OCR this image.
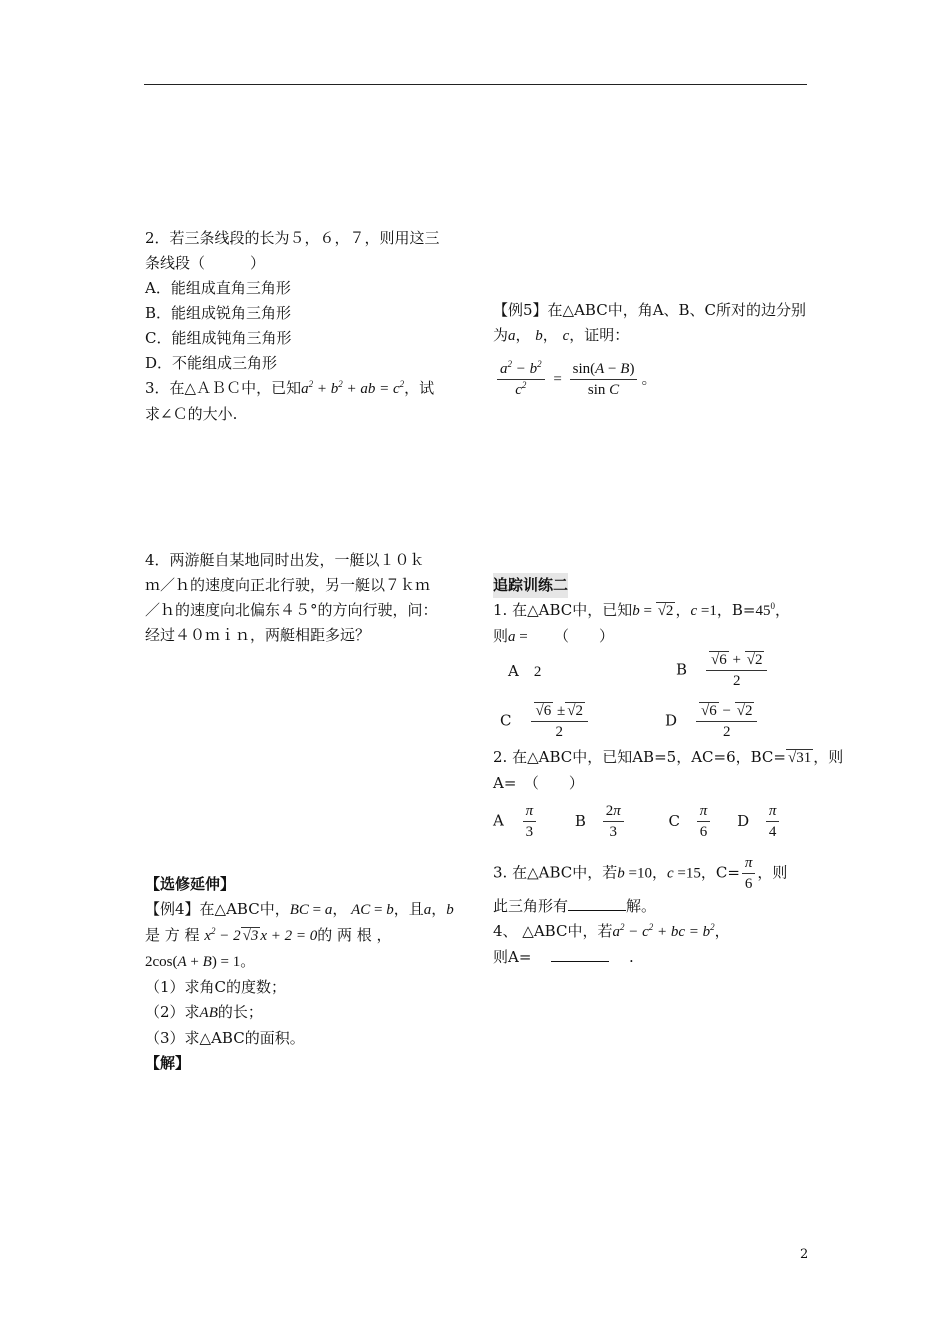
2．若三条线段的长为５，６，７，则用这三
条线段（　　　）
A．能组成直角三角形
B．能组成锐角三角形
C．能组成钝角三角形
D．不能组成三角形
3．在△ＡＢＣ中，已知$a^2 + b^2$ + ab = $c^2$，试
求∠Ｃ的大小.
4．两游艇自某地同时出发，一艇以１０ｋ
ｍ／ｈ的速度向正北行驶，另一艇以７ｋｍ
／ｈ的速度向北偏东４５°的方向行驶，问：
经过４０ｍｉｎ，两艇相距多远？
【选修延伸】
【例4】在△ABC中，BC = a， AC = b，且a，b
是 方 程 $x^2 - 2$ √3 x + 2 = 0的 两 根 ，
2cos(A + B) = 1。
（1）求角C的度数；
（2）求AB的长；
（3）求△ABC的面积。
【解】
【例5】在△ABC中，角A、B、C所对的边分别
为a， b， c，证明：
$\frac{a^2 - b^2}{c^2} = \frac{\sin(A - B)}{\text{sin C}}$ 。
追踪训练二
1. 在△ABC中，已知b = √2 ，c =1，$B=45^0$，
则a = 　　（　　）
A　 2	B　 $\frac{√6 + √2}{2}$
C　 $\frac{√6 \pm √2}{2}$	D　 $\frac{√6 - √2}{2}$
2. 在△ABC中，已知AB=5，AC=6，BC= √31 ，则
A=　（　　）
A $\frac{\pi}{3}$	B $\frac{2\pi}{3}$	C $\frac{\pi}{6}$ D $\frac{\pi}{4}$
3. 在△ABC中，若b =10，c =15，$C= \frac{\pi}{6}$ ，则
此三角形有	解。
4、 △ABC中，若$a^2 - c^2$ + bc = $b^2$，
则A=　 　	.
2
